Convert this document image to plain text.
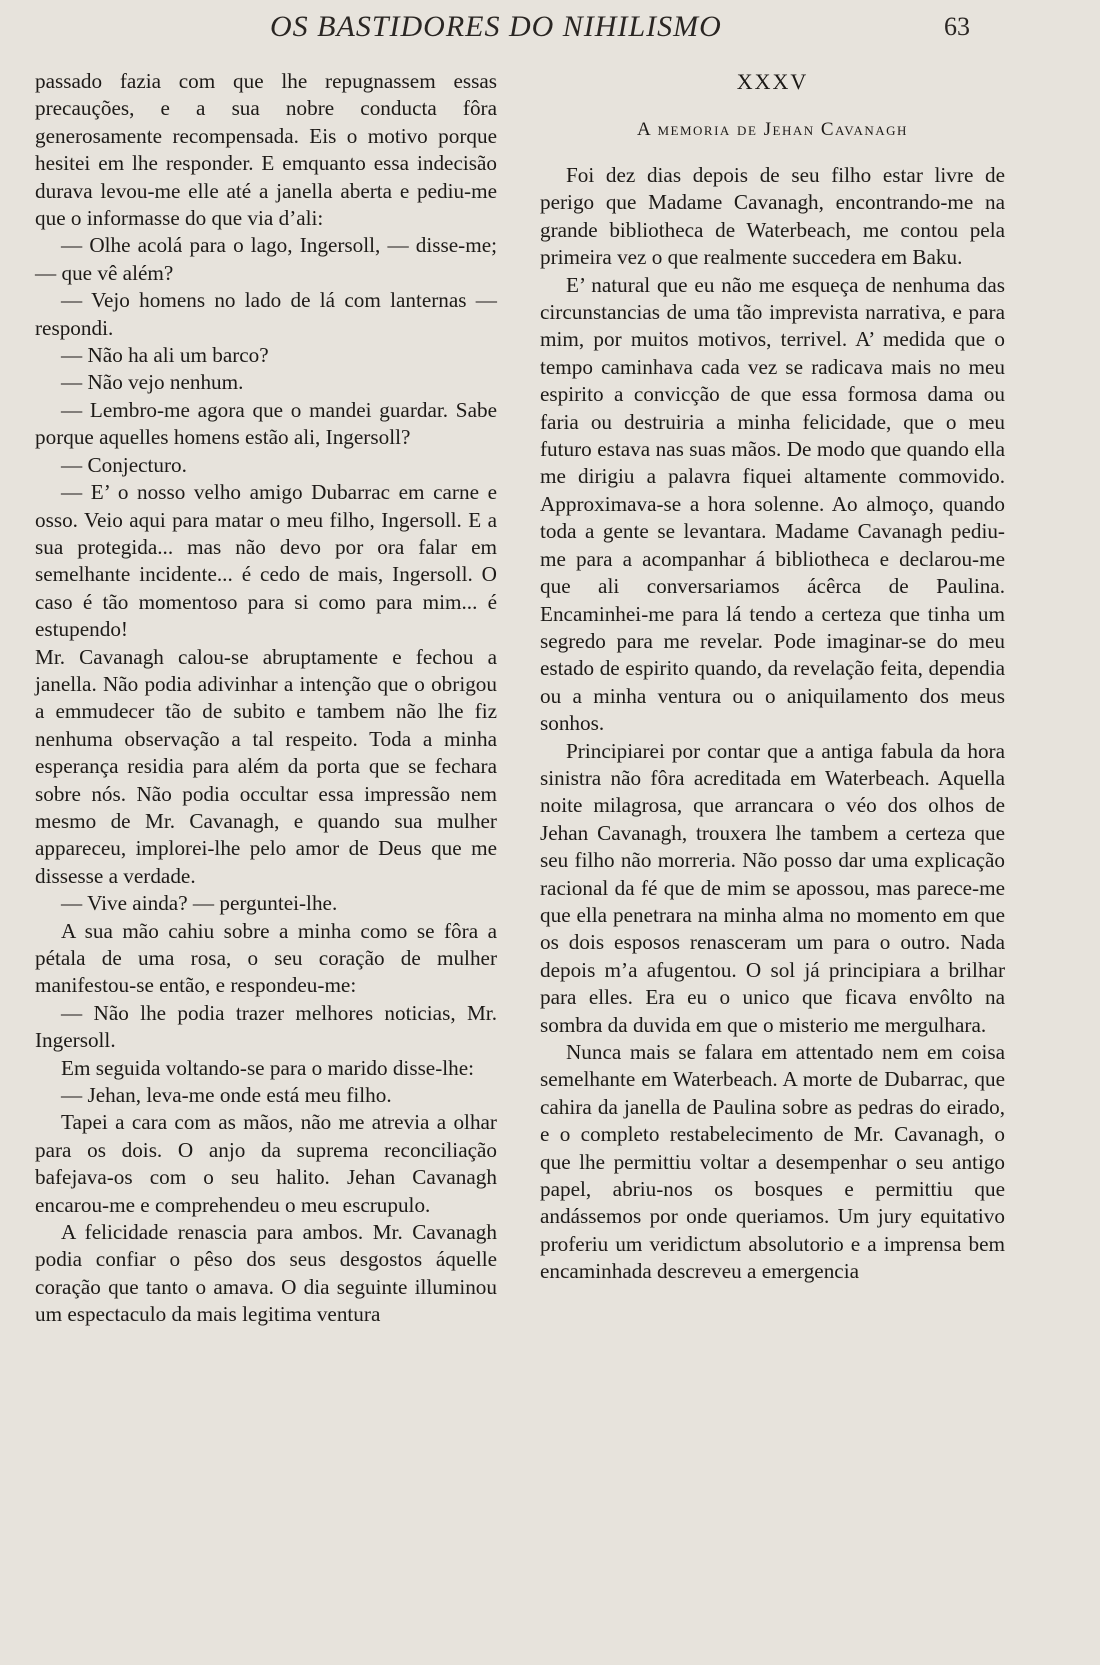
OS BASTIDORES DO NIHILISMO	63

passado fazia com que lhe repugnassem essas precauções, e a sua nobre conducta fôra generosamente recompensada. Eis o motivo porque hesitei em lhe responder. E emquanto essa indecisão durava levou-me elle até a janella aberta e pediu-me que o informasse do que via d’ali:

— Olhe acolá para o lago, Ingersoll, — disse-me; — que vê além?

— Vejo homens no lado de lá com lanternas — respondi.

— Não ha ali um barco?

— Não vejo nenhum.

— Lembro-me agora que o mandei guardar. Sabe porque aquelles homens estão ali, Ingersoll?

— Conjecturo.

— E’ o nosso velho amigo Dubarrac em carne e osso. Veio aqui para matar o meu filho, Ingersoll. E a sua protegida... mas não devo por ora falar em semelhante incidente... é cedo de mais, Ingersoll. O caso é tão momentoso para si como para mim... é estupendo!

Mr. Cavanagh calou-se abruptamente e fechou a janella. Não podia adivinhar a intenção que o obrigou a emmudecer tão de subito e tambem não lhe fiz nenhuma observação a tal respeito. Toda a minha esperança residia para além da porta que se fechara sobre nós. Não podia occultar essa impressão nem mesmo de Mr. Cavanagh, e quando sua mulher appareceu, implorei-lhe pelo amor de Deus que me dissesse a verdade.

— Vive ainda? — perguntei-lhe.

A sua mão cahiu sobre a minha como se fôra a pétala de uma rosa, o seu coração de mulher manifestou-se então, e respondeu-me:

— Não lhe podia trazer melhores noticias, Mr. Ingersoll.

Em seguida voltando-se para o marido disse-lhe:

— Jehan, leva-me onde está meu filho.

Tapei a cara com as mãos, não me atrevia a olhar para os dois. O anjo da suprema reconciliação bafejava-os com o seu halito. Jehan Cavanagh encarou-me e comprehendeu o meu escrupulo.

A felicidade renascia para ambos. Mr. Cavanagh podia confiar o pêso dos seus desgostos áquelle coração que tanto o amava. O dia seguinte illuminou um espectaculo da mais legitima ventura

XXXV
A memoria de Jehan Cavanagh

Foi dez dias depois de seu filho estar livre de perigo que Madame Cavanagh, encontrando-me na grande bibliotheca de Waterbeach, me contou pela primeira vez o que realmente succedera em Baku.

E’ natural que eu não me esqueça de nenhuma das circunstancias de uma tão imprevista narrativa, e para mim, por muitos motivos, terrivel. A’ medida que o tempo caminhava cada vez se radicava mais no meu espirito a convicção de que essa formosa dama ou faria ou destruiria a minha felicidade, que o meu futuro estava nas suas mãos. De modo que quando ella me dirigiu a palavra fiquei altamente commovido. Approximava-se a hora solenne. Ao almoço, quando toda a gente se levantara. Madame Cavanagh pediu-me para a acompanhar á bibliotheca e declarou-me que ali conversariamos ácêrca de Paulina. Encaminhei-me para lá tendo a certeza que tinha um segredo para me revelar. Pode imaginar-se do meu estado de espirito quando, da revelação feita, dependia ou a minha ventura ou o aniquilamento dos meus sonhos.

Principiarei por contar que a antiga fabula da hora sinistra não fôra acreditada em Waterbeach. Aquella noite milagrosa, que arrancara o véo dos olhos de Jehan Cavanagh, trouxera lhe tambem a certeza que seu filho não morreria. Não posso dar uma explicação racional da fé que de mim se apossou, mas parece-me que ella penetrara na minha alma no momento em que os dois esposos renasceram um para o outro. Nada depois m’a afugentou. O sol já principiara a brilhar para elles. Era eu o unico que ficava envôlto na sombra da duvida em que o misterio me mergulhara.

Nunca mais se falara em attentado nem em coisa semelhante em Waterbeach. A morte de Dubarrac, que cahira da janella de Paulina sobre as pedras do eirado, e o completo restabelecimento de Mr. Cavanagh, o que lhe permittiu voltar a desempenhar o seu antigo papel, abriu-nos os bosques e permittiu que andássemos por onde queriamos. Um jury equitativo proferiu um veridictum absolutorio e a imprensa bem encaminhada descreveu a emergencia
